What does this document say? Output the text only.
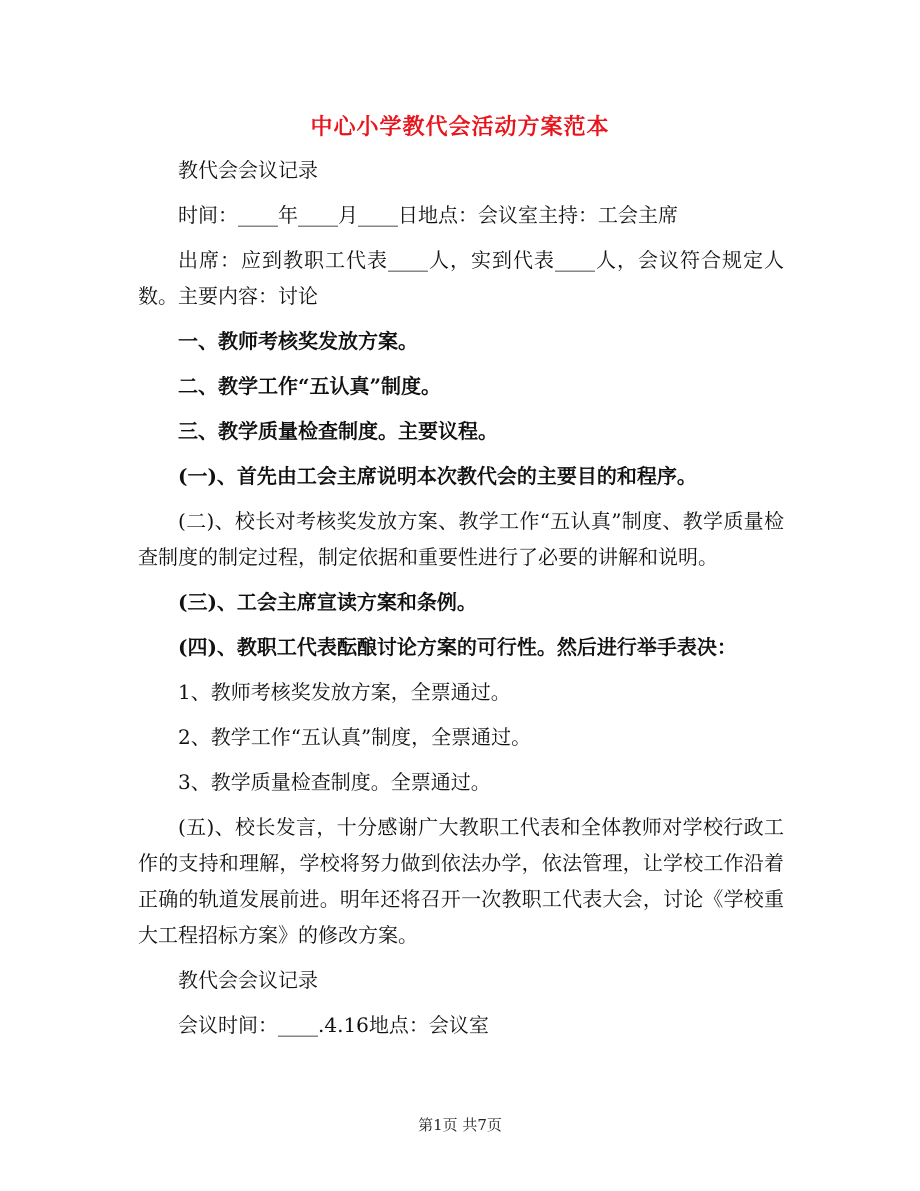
中心小学教代会活动方案范本

教代会会议记录

时间：____年____月____日地点：会议室主持：工会主席

出席：应到教职工代表____人，实到代表____人，会议符合规定人数。主要内容：讨论

一、教师考核奖发放方案。

二、教学工作“五认真”制度。

三、教学质量检查制度。主要议程。

(一)、首先由工会主席说明本次教代会的主要目的和程序。

(二)、校长对考核奖发放方案、教学工作“五认真”制度、教学质量检查制度的制定过程，制定依据和重要性进行了必要的讲解和说明。

(三)、工会主席宣读方案和条例。

(四)、教职工代表酝酿讨论方案的可行性。然后进行举手表决：

1、教师考核奖发放方案，全票通过。

2、教学工作“五认真”制度，全票通过。

3、教学质量检查制度。全票通过。

(五)、校长发言，十分感谢广大教职工代表和全体教师对学校行政工作的支持和理解，学校将努力做到依法办学，依法管理，让学校工作沿着正确的轨道发展前进。明年还将召开一次教职工代表大会，讨论《学校重大工程招标方案》的修改方案。

教代会会议记录

会议时间：____.4.16地点：会议室

第1页 共7页
